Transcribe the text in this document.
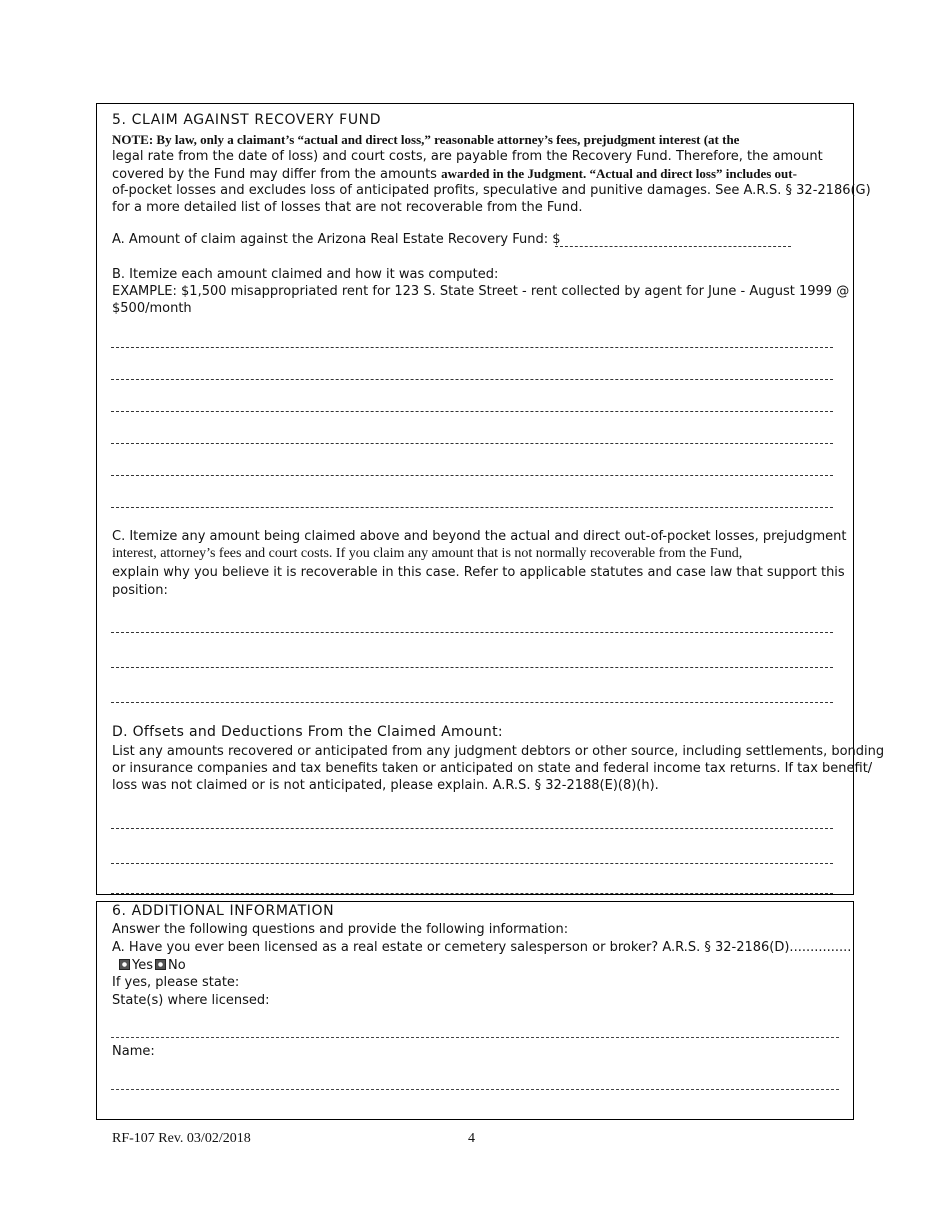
5. CLAIM AGAINST RECOVERY FUND
NOTE: By law, only a claimant’s “actual and direct loss,” reasonable attorney’s fees, prejudgment interest (at the
legal rate from the date of loss) and court costs, are payable from the Recovery Fund. Therefore, the amount
covered by the Fund may differ from the amounts awarded in the Judgment. “Actual and direct loss” includes out-
of-pocket losses and excludes loss of anticipated profits, speculative and punitive damages. See A.R.S. § 32-2186(G)
for a more detailed list of losses that are not recoverable from the Fund.
A. Amount of claim against the Arizona Real Estate Recovery Fund: $
B. Itemize each amount claimed and how it was computed:
EXAMPLE: $1,500 misappropriated rent for 123 S. State Street - rent collected by agent for June - August 1999 @
$500/month
C. Itemize any amount being claimed above and beyond the actual and direct out-of-pocket losses, prejudgment
interest, attorney’s fees and court costs. If you claim any amount that is not normally recoverable from the Fund,
explain why you believe it is recoverable in this case. Refer to applicable statutes and case law that support this
position:
D. Offsets and Deductions From the Claimed Amount:
List any amounts recovered or anticipated from any judgment debtors or other source, including settlements, bonding
or insurance companies and tax benefits taken or anticipated on state and federal income tax returns. If tax benefit/
loss was not claimed or is not anticipated, please explain. A.R.S. § 32-2188(E)(8)(h).
6. ADDITIONAL INFORMATION
Answer the following questions and provide the following information:
A. Have you ever been licensed as a real estate or cemetery salesperson or broker? A.R.S. § 32-2186(D)...............
Yes No
If yes, please state:
State(s) where licensed:
Name:
RF-107 Rev. 03/02/2018	4
